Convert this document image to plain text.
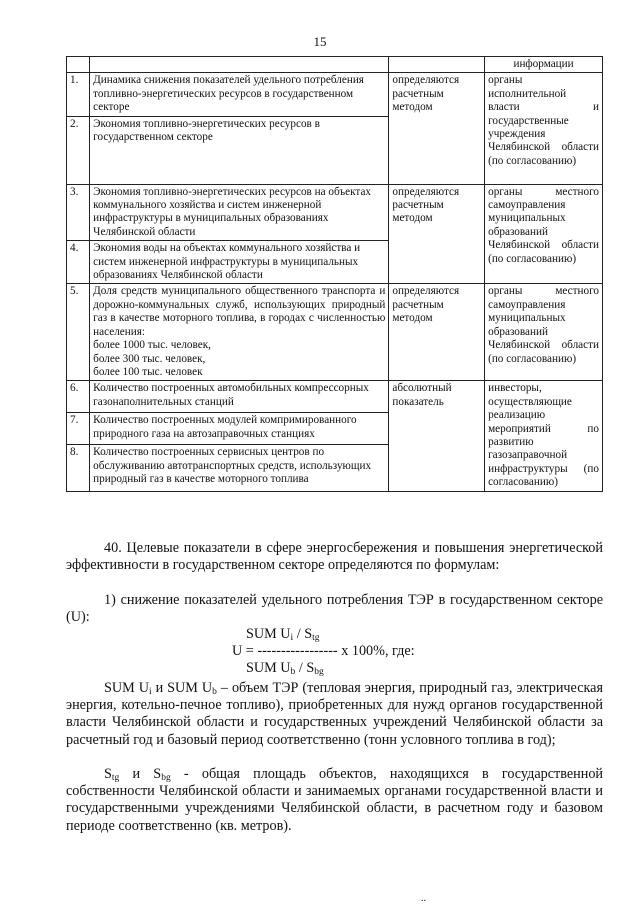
15
			информации
1.	Динамика снижения показателей удельного потребления топливно-энергетических ресурсов в государственном секторе	определяются расчетным методом	органы исполнительной власти и государственные учреждения Челябинской области (по согласованию)
2.	Экономия топливно-энергетических ресурсов в государственном секторе		
3.	Экономия топливно-энергетических ресурсов на объектах коммунального хозяйства и систем инженерной инфраструктуры в муниципальных образованиях Челябинской области	определяются расчетным методом	органы местного самоуправления муниципальных образований Челябинской области (по согласованию)
4.	Экономия воды на объектах коммунального хозяйства и систем инженерной инфраструктуры в муниципальных образованиях Челябинской области		
5.	Доля средств муниципального общественного транспорта и дорожно-коммунальных служб, использующих природный газ в качестве моторного топлива, в городах с численностью населения:
более 1000 тыс. человек,
более 300 тыс. человек,
более 100 тыс. человек	определяются расчетным методом	органы местного самоуправления муниципальных образований Челябинской области (по согласованию)
6.	Количество построенных автомобильных компрессорных газонаполнительных станций	абсолютный показатель	инвесторы, осуществляющие реализацию мероприятий по развитию газозаправочной инфраструктуры (по согласованию)
7.	Количество построенных модулей компримированного природного газа на автозаправочных станциях		
8.	Количество построенных сервисных центров по обслуживанию автотранспортных средств, использующих природный газ в качестве моторного топлива		
40. Целевые показатели в сфере энергосбережения и повышения энергетической эффективности в государственном секторе определяются по формулам:
1) снижение показателей удельного потребления ТЭР в государственном секторе (U):
SUM $U_i / S_{tg}$
U = ----------------- x 100%, где:
SUM $U_b / S_{bg}$
SUM $U_i$ и SUM $U_b$ – объем ТЭР (тепловая энергия, природный газ, электрическая энергия, котельно-печное топливо), приобретенных для нужд органов государственной власти Челябинской области и государственных учреждений Челябинской области за расчетный год и базовый период соответственно (тонн условного топлива в год);
$S_{tg}$ и $S_{bg}$ - общая площадь объектов, находящихся в государственной собственности Челябинской области и занимаемых органами государственной власти и государственными учреждениями Челябинской области, в расчетном году и базовом периоде соответственно (кв. метров).
..
